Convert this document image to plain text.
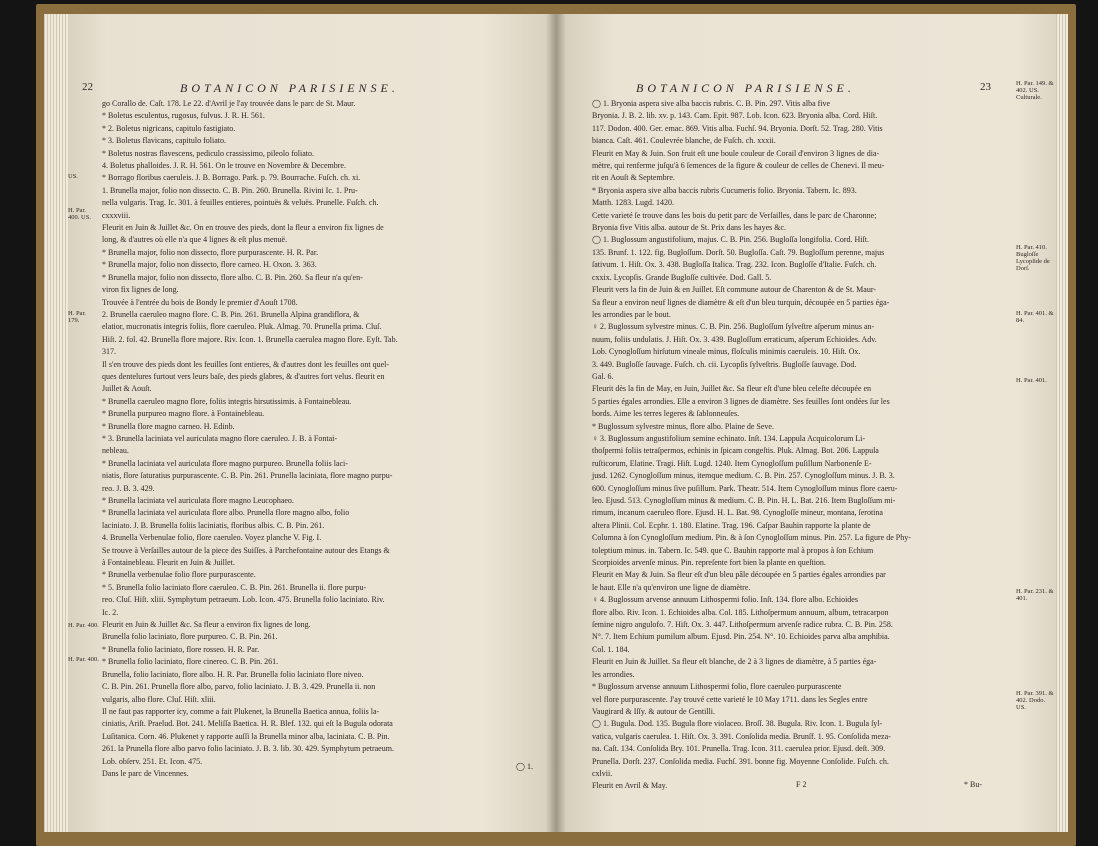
22	BOTANICON PARISIENSE.

go Corallo de. Caſt. 178. Le 22. d'Avril je l'ay trouvée dans le parc de St. Maur.

* Boletus esculentus, rugosus, fulvus. J. R. H. 561.

* 2. Boletus nigricans, capitulo fastigiato.

* 3. Boletus flavicans, capitulo foliato.

* Boletus nostras flavescens, pediculo crassissimo, pileolo foliato.

4. Boletus phalloides. J. R. H. 561. On le trouve en Novembre & Decembre.

* Borrago floribus caeruleis. J. B. Borrago. Park. p. 79. Bourrache. Fuſch. ch. xi.

1. Brunella major, folio non dissecto. C. B. Pin. 260. Brunella. Rivini Ic. 1. Pru-

nella vulgaris. Trag. Ic. 301. à feuilles entieres, pointuës & veluës. Prunelle. Fuſch. ch.

cxxxviii.

Fleurit en Juin & Juillet &c. On en trouve des pieds, dont la fleur a environ fix lignes de

long, & d'autres où elle n'a que 4 lignes & eſt plus menuë.

* Brunella major, folio non dissecto, flore purpurascente. H. R. Par.

* Brunella major, folio non dissecto, flore carneo. H. Oxon. 3. 363.

* Brunella major, folio non dissecto, flore albo. C. B. Pin. 260. Sa fleur n'a qu'en-

viron fix lignes de long.

Trouvée à l'entrée du bois de Bondy le premier d'Aouſt 1708.

2. Brunella caeruleo magno flore. C. B. Pin. 261. Brunella Alpina grandiflora, &

elatior, mucronatis integris foliis, flore caeruleo. Pluk. Almag. 70. Prunella prima. Cluſ.

Hiſt. 2. fol. 42. Brunella flore majore. Riv. Icon. 1. Brunella caerulea magno flore. Eyſt. Tab.

317.

Il s'en trouve des pieds dont les feuilles ſont entieres, & d'autres dont les feuilles ont quel-

ques dentelures furtout vers leurs baſe, des pieds glabres, & d'autres fort velus. fleurit en

Juillet & Aouſt.

* Brunella caeruleo magno flore, foliis integris hirsutissimis. à Fontainebleau.

* Brunella purpureo magno flore. à Fontainebleau.

* Brunella flore magno carneo. H. Edinb.

* 3. Brunella laciniata vel auriculata magno flore caeruleo. J. B. à Fontai-

nebleau.

* Brunella laciniata vel auriculata flore magno purpureo. Brunella foliis laci-

niatis, flore ſaturatius purpurascente. C. B. Pin. 261. Prunella laciniata, flore magno purpu-

reo. J. B. 3. 429.

* Brunella laciniata vel auriculata flore magno Leucophaeo.

* Brunella laciniata vel auriculata flore albo. Prunella flore magno albo, folio

laciniato. J. B. Brunella foliis laciniatis, floribus albis. C. B. Pin. 261.

4. Brunella Verbenulae folio, flore caeruleo. Voyez planche V. Fig. I.

Se trouve à Verſailles autour de la piece des Suiſſes. à Parchefontaine autour des Etangs &

à Fontainebleau. Fleurit en Juin & Juillet.

* Brunella verbenulae folio flore purpurascente.

* 5. Brunella folio laciniato flore caeruleo. C. B. Pin. 261. Brunella ii. flore purpu-

reo. Cluſ. Hiſt. xliii. Symphytum petraeum. Lob. Icon. 475. Brunella folio laciniato. Riv.

Ic. 2.

Fleurit en Juin & Juillet &c. Sa fleur a environ fix lignes de long.

Brunella folio laciniato, flore purpureo. C. B. Pin. 261.

* Brunella folio laciniato, flore rosseo. H. R. Par.

* Brunella folio laciniato, flore cinereo. C. B. Pin. 261.

Brunella, folio laciniato, flore albo. H. R. Par. Brunella folio laciniato flore niveo.

C. B. Pin. 261. Prunella flore albo, parvo, folio laciniato. J. B. 3. 429. Prunella ii. non

vulgaris, albo flore. Cluſ. Hiſt. xliii.

Il ne faut pas rapporter icy, comme a fait Plukenet, la Brunella Baetica annua, foliis la-

ciniatis, Ariſt. Praelud. Bot. 241. Meliſſa Baetica. H. R. Blef. 132. qui eſt la Bugula odorata

Luſitanica. Corn. 46. Plukenet y rapporte auſſi la Brunella minor alba, laciniata. C. B. Pin.

261. la Prunella flore albo parvo folio laciniato. J. B. 3. lib. 30. 429. Symphytum petraeum.

Lob. obſerv. 251. Et. Icon. 475.

Dans le parc de Vincennes.

US.
H. Par. 400. US.
H. Par. 179.
H. Par. 400.
H. Par. 400.
◯ 1.
BOTANICON PARISIENSE.	23

◯ 1. Bryonia aspera sive alba baccis rubris. C. B. Pin. 297. Vitis alba five

Bryonia. J. B. 2. lib. xv. p. 143. Cam. Epit. 987. Lob. Icon. 623. Bryonia alba. Cord. Hiſt.

117. Dodon. 400. Ger. emac. 869. Vitis alba. Fuchſ. 94. Bryonia. Dorſt. 52. Trag. 280. Vitis

bianca. Caſt. 461. Coulevrée blanche, de Fuſch. ch. xxxii.

Fleurit en May & Juin. Son fruit eſt une boule couleur de Corail d'environ 3 lignes de dia-

mètre, qui renferme juſqu'à 6 ſemences de la figure & couleur de celles de Chenevi. Il meu-

rit en Aouſt & Septembre.

* Bryonia aspera sive alba baccis rubris Cucumeris folio. Bryonia. Tabern. Ic. 893.

Matth. 1283. Lugd. 1420.

Cette varieté ſe trouve dans les bois du petit parc de Verſailles, dans le parc de Charonne;

Bryonia five Vitis alba. autour de St. Prix dans les hayes &c.

◯ 1. Buglossum angustifolium, majus. C. B. Pin. 256. Bugloſſa longifolia. Cord. Hiſt.

135. Brunf. 1. 122. fig. Bugloſſum. Dorſt. 50. Bugloſſa. Caſt. 79. Bugloſſum perenne, majus

ſativum. 1. Hiſt. Ox. 3. 438. Bugloſſa Italica. Trag. 232. Icon. Bugloſſe d'Italie. Fuſch. ch.

cxxix. Lycopſis. Grande Bugloſſe cultivée. Dod. Gall. 5.

Fleurit vers la fin de Juin & en Juillet. Eſt commune autour de Charenton & de St. Maur-

Sa fleur a environ neuf lignes de diamètre & eſt d'un bleu turquin, découpée en 5 parties éga-

les arrondies par le bout.

♀ 2. Buglossum sylvestre minus. C. B. Pin. 256. Bugloſſum ſylveſtre aſperum minus an-

nuum, foliis undulatis. J. Hiſt. Ox. 3. 439. Bugloſſum erraticum, aſperum Echioides. Adv.

Lob. Cynogloſſum hirſutum vineale minus, floſculis minimis caeruleis. 10. Hiſt. Ox.

3. 449. Bugloſſe ſauvage. Fuſch. ch. cii. Lycopſis ſylveſtris. Bugloſſe ſauvage. Dod.

Gal. 6.

Fleurit dès la fin de May, en Juin, Juillet &c. Sa fleur eſt d'une bleu celeſte découpée en

5 parties égales arrondies. Elle a environ 3 lignes de diamètre. Ses feuilles ſont ondées ſur les

bords. Aime les terres legeres & ſablonneuſes.

* Buglossum sylvestre minus, flore albo. Plaine de Seve.

♀ 3. Buglossum angustifolium semine echinato. Inſt. 134. Lappula Acquicolorum Li-

thoſpermi foliis tetraſpermos, echinis in ſpicam congeſtis. Pluk. Almag. Bot. 206. Lappula

ruſticorum, Elatine. Tragi. Hiſt. Lugd. 1240. Item Cynogloſſum puſillum Narbonenſe E-

jusd. 1262. Cynogloſſum minus, itemque medium. C. B. Pin. 257. Cynogloſſum minus. J. B. 3.

600. Cynogloſſum minus ſive puſillum. Park. Theatr. 514. Item Cynogloſſum minus flore caeru-

leo. Ejusd. 513. Cynogloſſum minus & medium. C. B. Pin. H. L. Bat. 216. Item Bugloſſum mi-

rimum, incanum caeruleo flore. Ejusd. H. L. Bat. 98. Cynogloſſe mineur, montana, ſerotina

altera Plinii. Col. Ecphr. 1. 180. Elatine. Trag. 196. Caſpar Bauhin rapporte la plante de

Columna à ſon Cynogloſſum medium. Pin. & à ſon Cynogloſſum minus. Pin. 257. La figure de Phy-

toleptium minus. in. Tabern. Ic. 549. que C. Bauhin rapporte mal à propos à ſon Echium

Scorpioides arvenſe minus. Pin. repreſente fort bien la plante en queſtion.

Fleurit en May & Juin. Sa fleur eſt d'un bleu pâle découpée en 5 parties égales arrondies par

le haut. Elle n'a qu'environ une ligne de diamètre.

♀ 4. Buglossum arvense annuum Lithospermi folio. Inſt. 134. flore albo. Echioides

flore albo. Riv. Icon. 1. Echioides alba. Col. 185. Lithoſpermum annuum, album, tetracarpon

ſemine nigro angulofo. 7. Hiſt. Ox. 3. 447. Lithoſpermum arvenſe radice rubra. C. B. Pin. 258.

N°. 7. Item Echium pumilum album. Ejusd. Pin. 254. N°. 10. Echioides parva alba amphibia.

Col. 1. 184.

Fleurit en Juin & Juillet. Sa fleur eſt blanche, de 2 à 3 lignes de diamètre, à 5 parties éga-

les arrondies.

* Buglossum arvense annuum Lithospermi folio, flore caeruleo purpurascente

vel flore purpurascente. J'ay trouvé cette varieté le 10 May 1711. dans les Segles entre

Vaugirard & Iſſy. & autour de Gentilli.

◯ 1. Bugula. Dod. 135. Bugula flore violaceo. Broſſ. 38. Bugula. Riv. Icon. 1. Bugula ſyl-

vatica, vulgaris caerulea. 1. Hiſt. Ox. 3. 391. Conſolida media. Brunſf. 1. 95. Conſolida meza-

na. Caſt. 134. Conſolida Bry. 101. Prunella. Trag. Icon. 311. caerulea prior. Ejusd. deſt. 309.

Prunella. Dorſt. 237. Conſolida media. Fuchſ. 391. bonne fig. Moyenne Conſolide. Fuſch. ch.

cxlvii.

Fleurit en Avril & May.

H. Par. 149. & 402. US. Culturale.
H. Par. 410. Bugloſſe Lycopſide de Dorſ.
H. Par. 401. & 84.
H. Par. 401.
H. Par. 231. & 401.
H. Par. 391. & 402. Dodo. US.
F 2	* Bu-
